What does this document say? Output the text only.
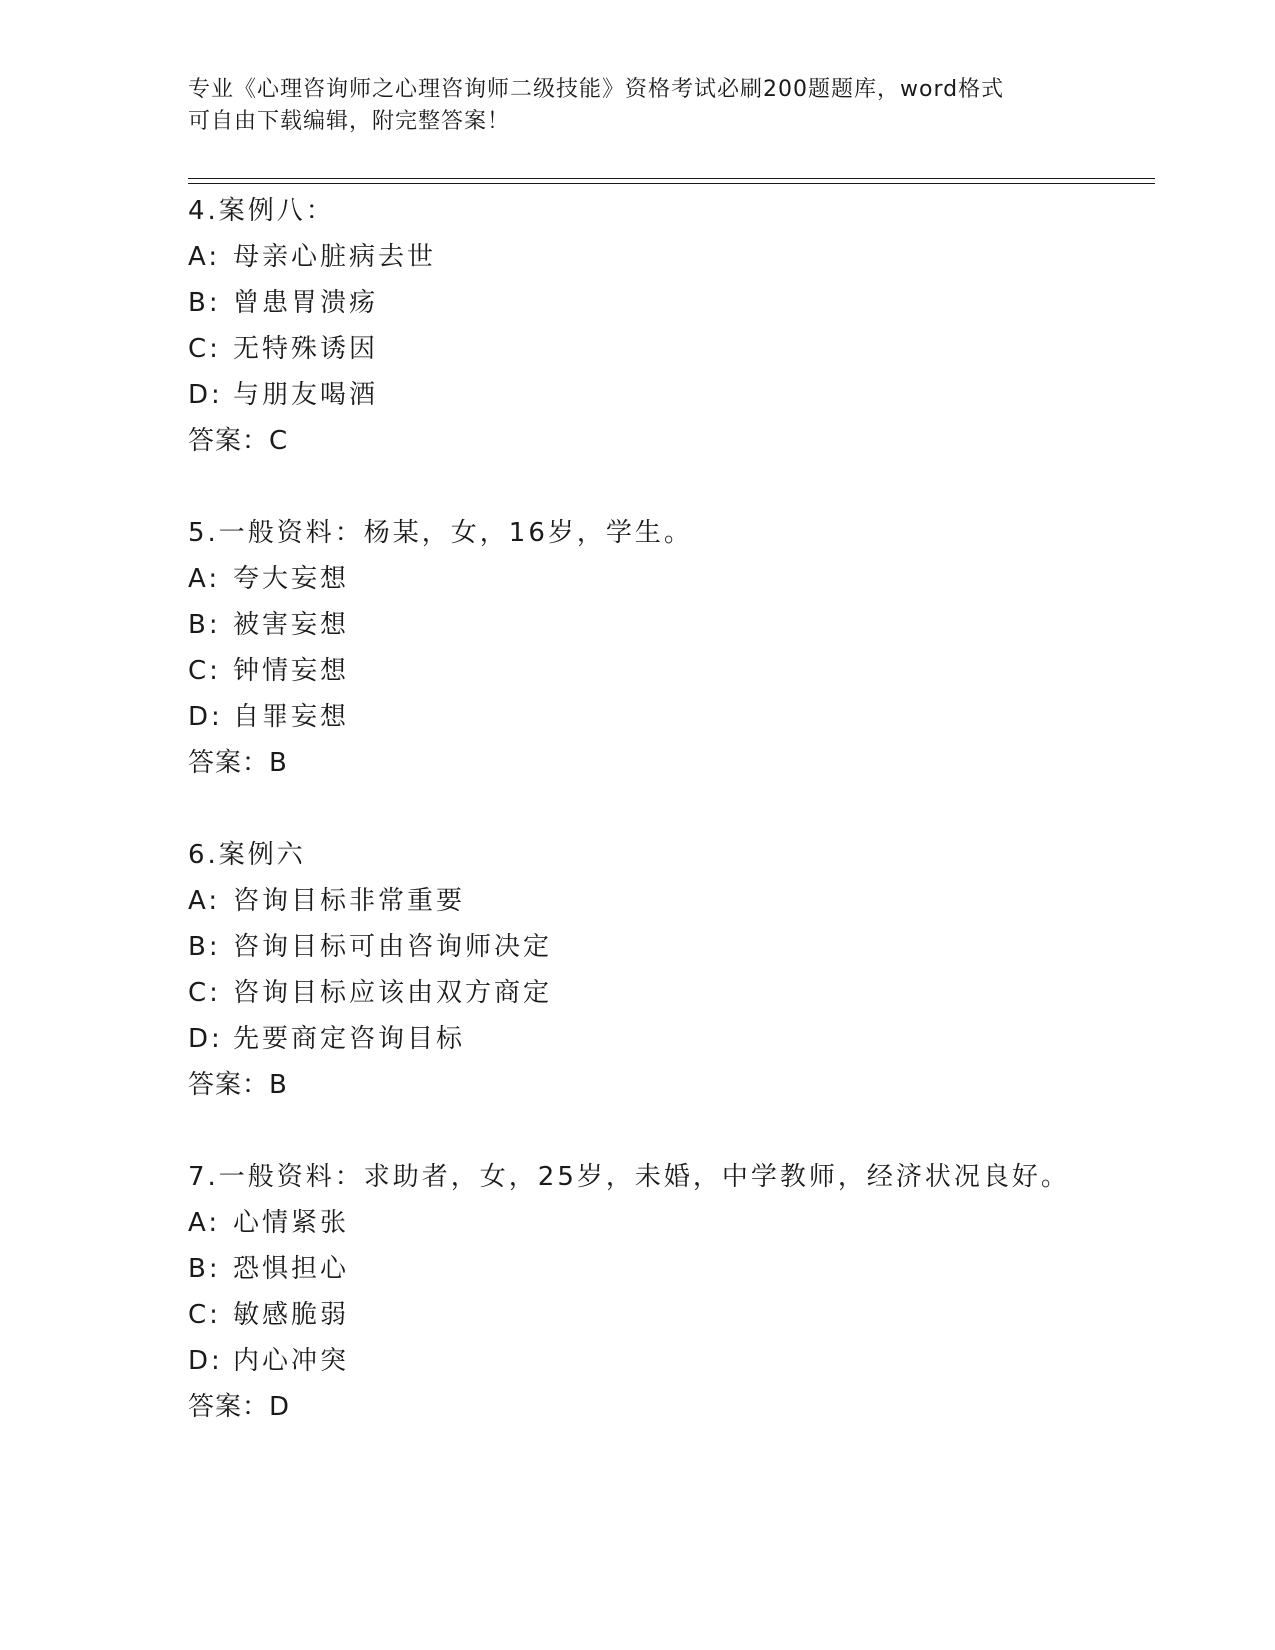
专业《心理咨询师之心理咨询师二级技能》资格考试必刷200题题库，word格式
可自由下载编辑，附完整答案！
4.案例八：
A: 母亲心脏病去世
B: 曾患胃溃疡
C: 无特殊诱因
D: 与朋友喝酒
答案：C
5.一般资料：杨某，女，16岁，学生。
A: 夸大妄想
B: 被害妄想
C: 钟情妄想
D: 自罪妄想
答案：B
6.案例六
A: 咨询目标非常重要
B: 咨询目标可由咨询师决定
C: 咨询目标应该由双方商定
D: 先要商定咨询目标
答案：B
7.一般资料：求助者，女，25岁，未婚，中学教师，经济状况良好。
A: 心情紧张
B: 恐惧担心
C: 敏感脆弱
D: 内心冲突
答案：D
